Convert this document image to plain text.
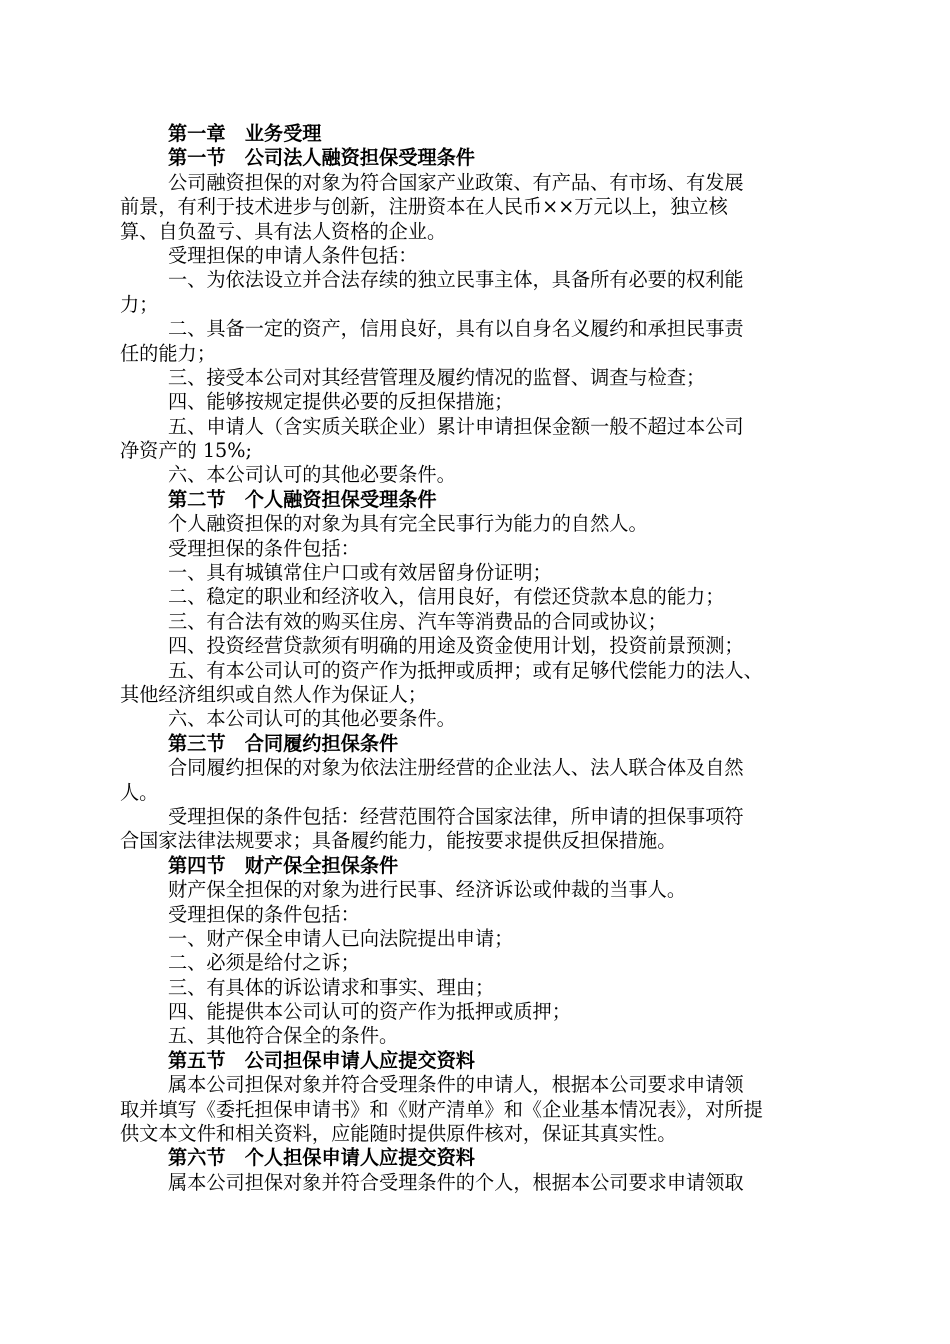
第一章　业务受理
第一节　公司法人融资担保受理条件
公司融资担保的对象为符合国家产业政策、有产品、有市场、有发展
前景，有利于技术进步与创新，注册资本在人民币××万元以上，独立核
算、自负盈亏、具有法人资格的企业。
受理担保的申请人条件包括：
一、为依法设立并合法存续的独立民事主体，具备所有必要的权利能
力；
二、具备一定的资产，信用良好，具有以自身名义履约和承担民事责
任的能力；
三、接受本公司对其经营管理及履约情况的监督、调查与检查；
四、能够按规定提供必要的反担保措施；
五、申请人（含实质关联企业）累计申请担保金额一般不超过本公司
净资产的 15%;
六、本公司认可的其他必要条件。
第二节　个人融资担保受理条件
个人融资担保的对象为具有完全民事行为能力的自然人。
受理担保的条件包括：
一、具有城镇常住户口或有效居留身份证明；
二、稳定的职业和经济收入，信用良好，有偿还贷款本息的能力；
三、有合法有效的购买住房、汽车等消费品的合同或协议；
四、投资经营贷款须有明确的用途及资金使用计划，投资前景预测；
五、有本公司认可的资产作为抵押或质押；或有足够代偿能力的法人、
其他经济组织或自然人作为保证人；
六、本公司认可的其他必要条件。
第三节　合同履约担保条件
合同履约担保的对象为依法注册经营的企业法人、法人联合体及自然
人。
受理担保的条件包括：经营范围符合国家法律，所申请的担保事项符
合国家法律法规要求；具备履约能力，能按要求提供反担保措施。
第四节　财产保全担保条件
财产保全担保的对象为进行民事、经济诉讼或仲裁的当事人。
受理担保的条件包括：
一、财产保全申请人已向法院提出申请；
二、必须是给付之诉；
三、有具体的诉讼请求和事实、理由；
四、能提供本公司认可的资产作为抵押或质押；
五、其他符合保全的条件。
第五节　公司担保申请人应提交资料
属本公司担保对象并符合受理条件的申请人，根据本公司要求申请领
取并填写《委托担保申请书》和《财产清单》和《企业基本情况表》，对所提
供文本文件和相关资料，应能随时提供原件核对，保证其真实性。
第六节　个人担保申请人应提交资料
属本公司担保对象并符合受理条件的个人，根据本公司要求申请领取
